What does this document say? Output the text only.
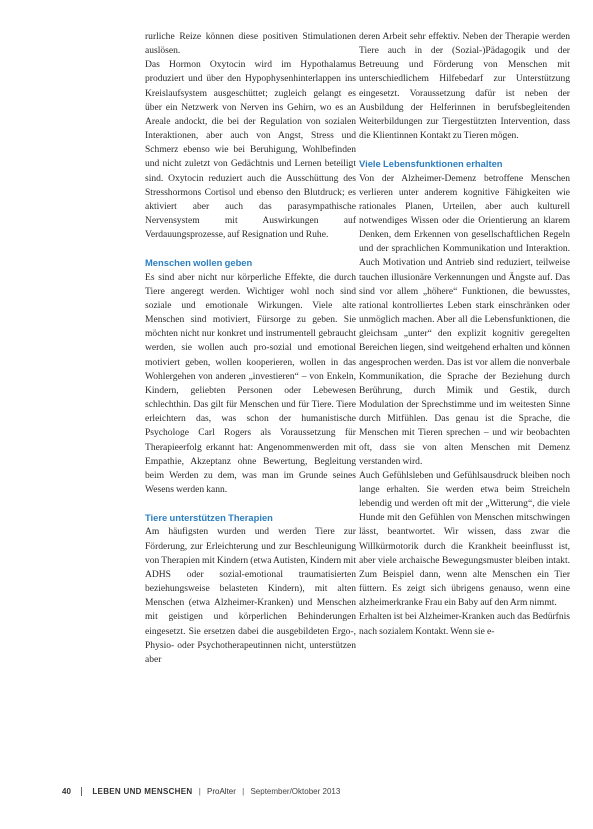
rurliche Reize können diese positiven Stimulationen auslösen.

Das Hormon Oxytocin wird im Hypothalamus produziert und über den Hypophysenhinterlappen ins Kreislaufsystem ausgeschüttet; zugleich gelangt es über ein Netzwerk von Nerven ins Gehirn, wo es an Areale andockt, die bei der Regulation von sozialen Interaktionen, aber auch von Angst, Stress und Schmerz ebenso wie bei Beruhigung, Wohlbefinden und nicht zuletzt von Gedächtnis und Lernen beteiligt sind. Oxytocin reduziert auch die Ausschüttung des Stresshormons Cortisol und ebenso den Blutdruck; es aktiviert aber auch das parasympathische Nervensystem mit Auswirkungen auf Verdauungsprozesse, auf Resignation und Ruhe.

Menschen wollen geben

Es sind aber nicht nur körperliche Effekte, die durch Tiere angeregt werden. Wichtiger wohl noch sind soziale und emotionale Wirkungen. Viele alte Menschen sind motiviert, Fürsorge zu geben. Sie möchten nicht nur konkret und instrumentell gebraucht werden, sie wollen auch pro-sozial und emotional motiviert geben, wollen kooperieren, wollen in das Wohlergehen von anderen „investieren“ – von Enkeln, Kindern, geliebten Personen oder Lebewesen schlechthin. Das gilt für Menschen und für Tiere. Tiere erleichtern das, was schon der humanistische Psychologe Carl Rogers als Voraussetzung für Therapieerfolg erkannt hat: Angenommenwerden mit Empathie, Akzeptanz ohne Bewertung, Begleitung beim Werden zu dem, was man im Grunde seines Wesens werden kann.

Tiere unterstützen Therapien

Am häufigsten wurden und werden Tiere zur Förderung, zur Erleichterung und zur Beschleunigung von Therapien mit Kindern (etwa Autisten, Kindern mit ADHS oder sozial-emotional traumatisierten beziehungsweise belasteten Kindern), mit alten Menschen (etwa Alzheimer-Kranken) und Menschen mit geistigen und körperlichen Behinderungen eingesetzt. Sie ersetzen dabei die ausgebildeten Ergo-, Physio- oder Psychotherapeutinnen nicht, unterstützen aber

deren Arbeit sehr effektiv. Neben der Therapie werden Tiere auch in der (Sozial-)Pädagogik und der Betreuung und Förderung von Menschen mit unterschiedlichem Hilfebedarf zur Unterstützung eingesetzt. Voraussetzung dafür ist neben der Ausbildung der Helferinnen in berufsbegleitenden Weiterbildungen zur Tiergestützten Intervention, dass die Klientinnen Kontakt zu Tieren mögen.

Viele Lebensfunktionen erhalten

Von der Alzheimer-Demenz betroffene Menschen verlieren unter anderem kognitive Fähigkeiten wie rationales Planen, Urteilen, aber auch kulturell notwendiges Wissen oder die Orientierung an klarem Denken, dem Erkennen von gesellschaftlichen Regeln und der sprachlichen Kommunikation und Interaktion. Auch Motivation und Antrieb sind reduziert, teilweise tauchen illusionäre Verkennungen und Ängste auf. Das sind vor allem „höhere“ Funktionen, die bewusstes, rational kontrolliertes Leben stark einschränken oder unmöglich machen. Aber all die Lebensfunktionen, die gleichsam „unter“ den explizit kognitiv geregelten Bereichen liegen, sind weitgehend erhalten und können angesprochen werden. Das ist vor allem die nonverbale Kommunikation, die Sprache der Beziehung durch Berührung, durch Mimik und Gestik, durch Modulation der Sprechstimme und im weitesten Sinne durch Mitfühlen. Das genau ist die Sprache, die Menschen mit Tieren sprechen – und wir beobachten oft, dass sie von alten Menschen mit Demenz verstanden wird.

Auch Gefühlsleben und Gefühlsausdruck bleiben noch lange erhalten. Sie werden etwa beim Streicheln lebendig und werden oft mit der „Witterung“, die viele Hunde mit den Gefühlen von Menschen mitschwingen lässt, beantwortet. Wir wissen, dass zwar die Willkürmotorik durch die Krankheit beeinflusst ist, aber viele archaische Bewegungsmuster bleiben intakt. Zum Beispiel dann, wenn alte Menschen ein Tier füttern. Es zeigt sich übrigens genauso, wenn eine alzheimerkranke Frau ein Baby auf den Arm nimmt.

Erhalten ist bei Alzheimer-Kranken auch das Bedürfnis nach sozialem Kontakt. Wenn sie e-

40	LEBEN UND MENSCHEN | ProAlter | September/Oktober 2013
